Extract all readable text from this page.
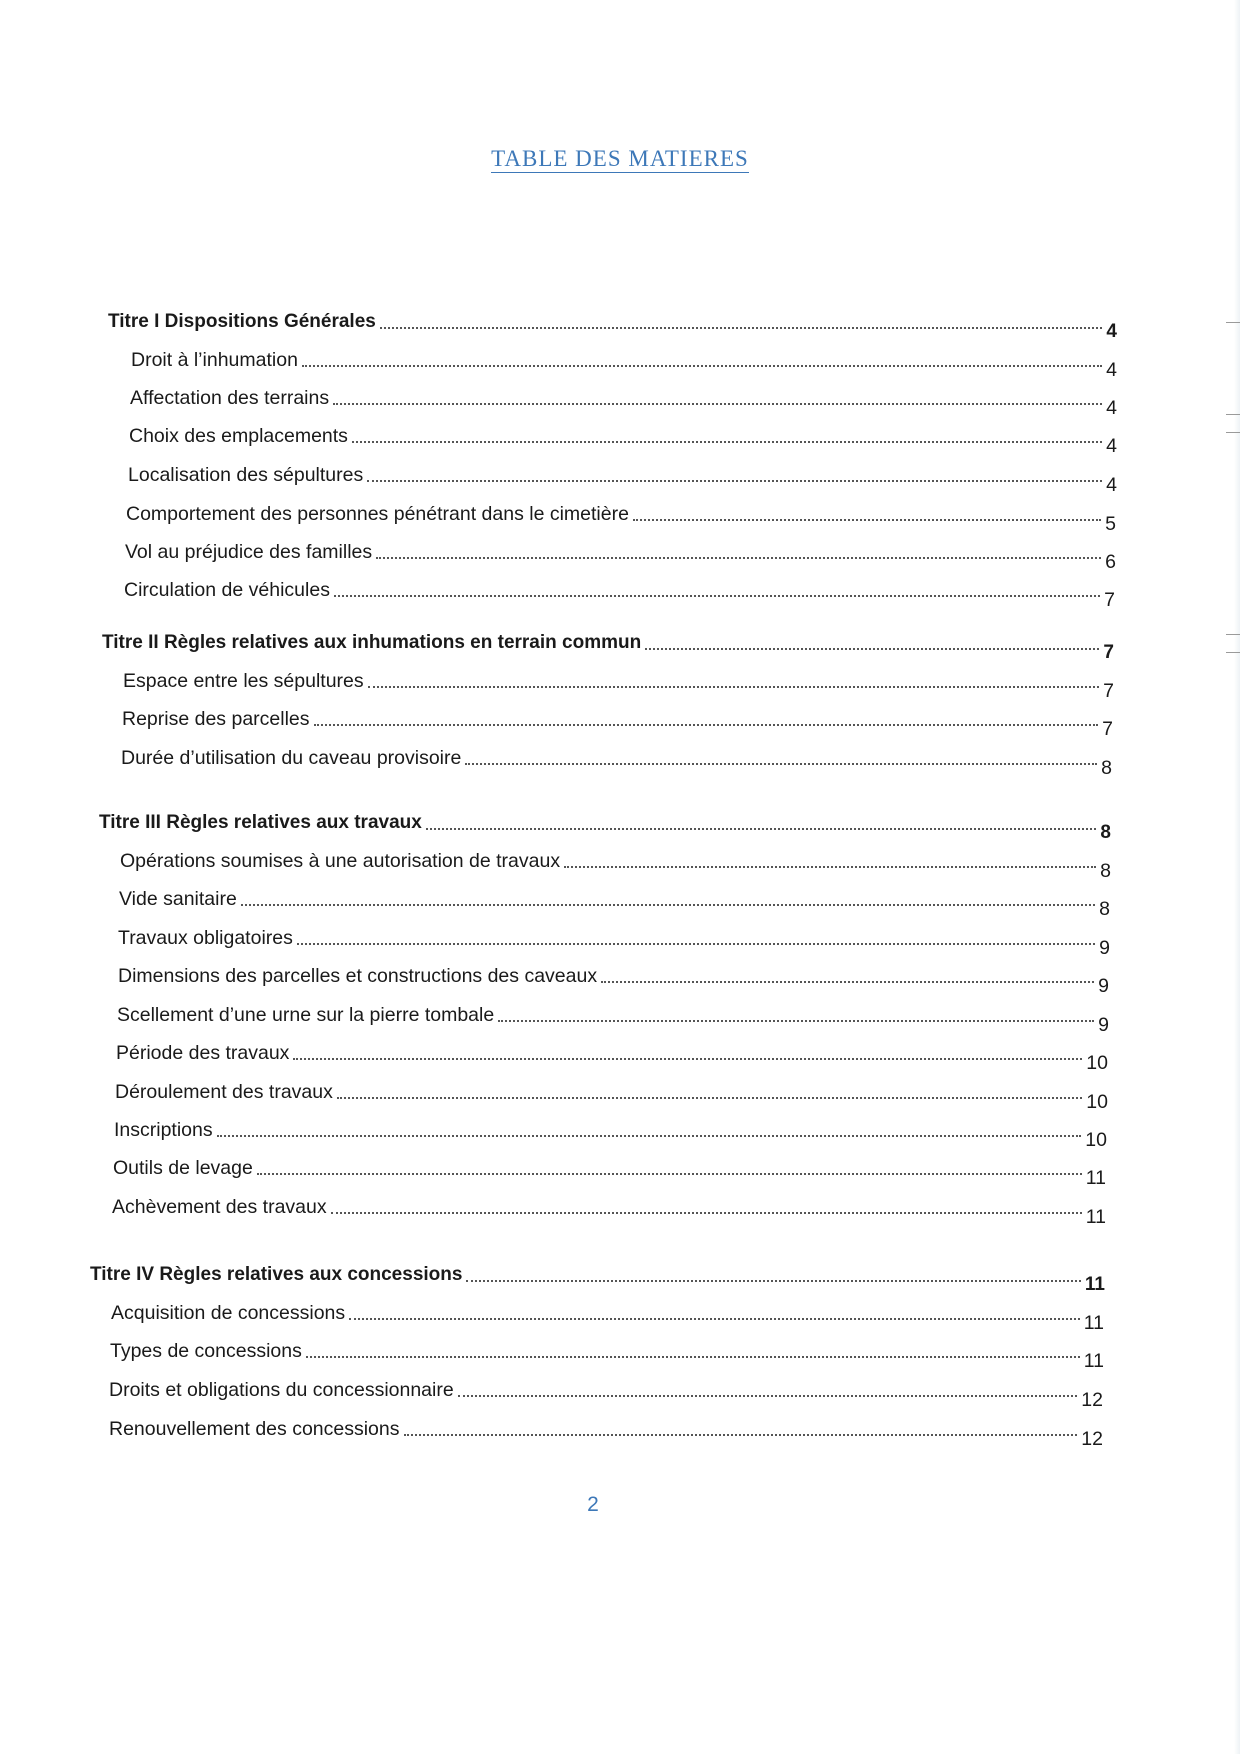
TABLE DES MATIERES
Titre I Dispositions Générales	4
Droit à l’inhumation	4
Affectation des terrains	4
Choix des emplacements	4
Localisation des sépultures	4
Comportement des personnes pénétrant dans le cimetière	5
Vol au préjudice des familles	6
Circulation de véhicules	7
Titre II Règles relatives aux inhumations en terrain commun	7
Espace entre les sépultures	7
Reprise des parcelles	7
Durée d’utilisation du caveau provisoire	8
Titre III Règles relatives aux travaux	8
Opérations soumises à une autorisation de travaux	8
Vide sanitaire	8
Travaux obligatoires	9
Dimensions des parcelles et constructions des caveaux	9
Scellement d’une urne sur la pierre tombale	9
Période des travaux	10
Déroulement des travaux	10
Inscriptions	10
Outils de levage	11
Achèvement des travaux	11
Titre IV Règles relatives aux concessions	11
Acquisition de concessions	11
Types de concessions	11
Droits et obligations du concessionnaire	12
Renouvellement des concessions	12
2
